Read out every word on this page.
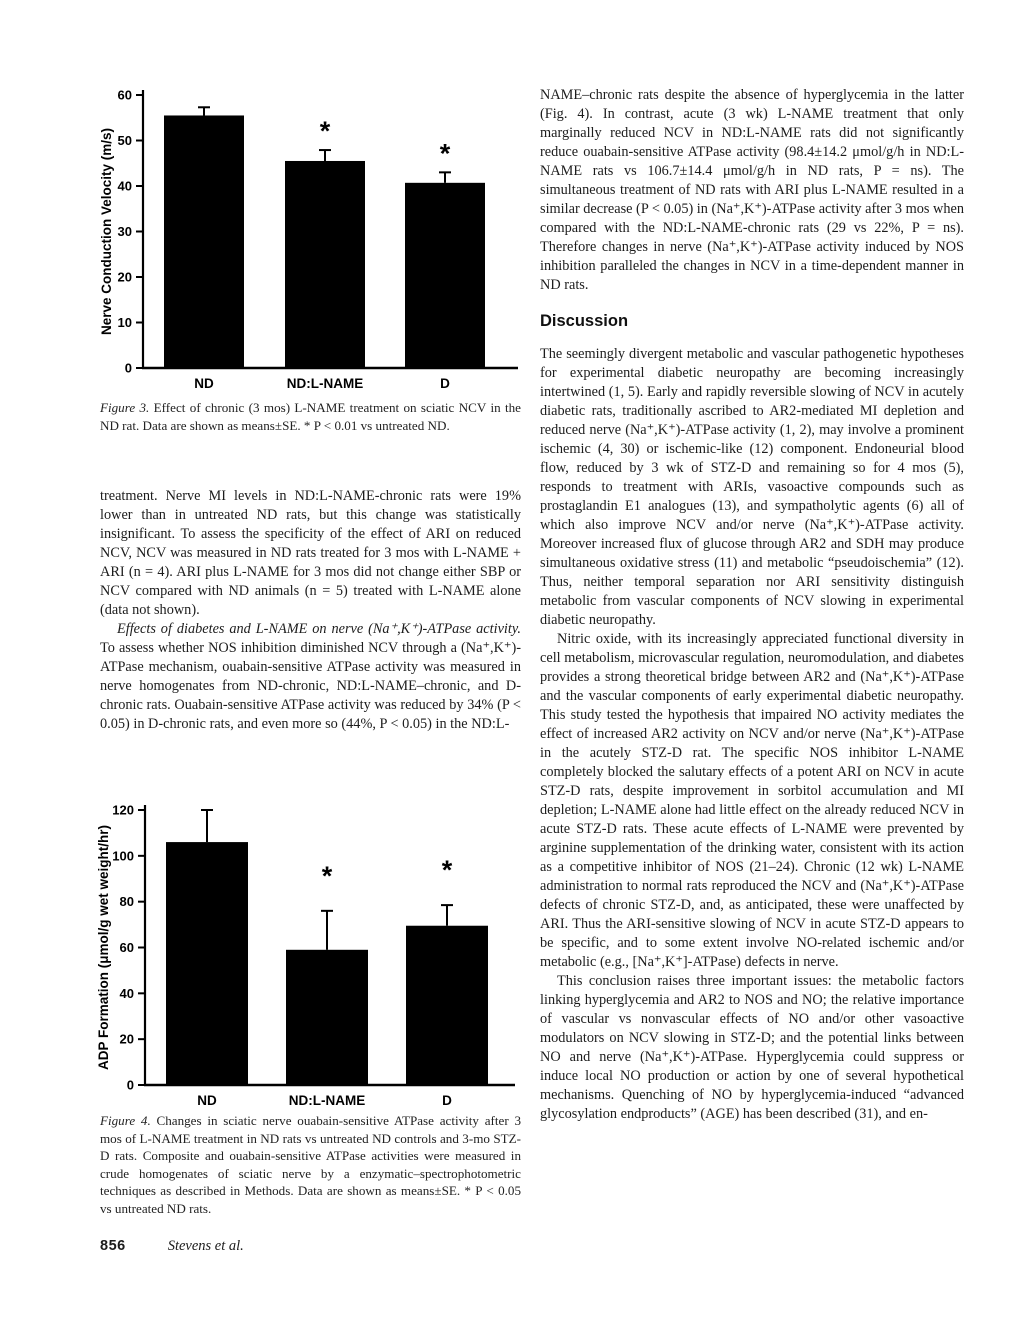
0
10
20
30
40
50
60
Nerve Conduction Velocity (m/s)
ND	ND:L-NAME
*
D
*

Figure 3. Effect of chronic (3 mos) L-NAME treatment on sciatic NCV in the ND rat. Data are shown as means±SE. * P < 0.01 vs untreated ND.

treatment. Nerve MI levels in ND:L-NAME-chronic rats were 19% lower than in untreated ND rats, but this change was statistically insignificant. To assess the specificity of the effect of ARI on reduced NCV, NCV was measured in ND rats treated for 3 mos with L-NAME + ARI (n = 4). ARI plus L-NAME for 3 mos did not change either SBP or NCV compared with ND animals (n = 5) treated with L-NAME alone (data not shown).

Effects of diabetes and L-NAME on nerve (Na⁺,K⁺)-ATPase activity. To assess whether NOS inhibition diminished NCV through a (Na⁺,K⁺)-ATPase mechanism, ouabain-sensitive ATPase activity was measured in nerve homogenates from ND-chronic, ND:L-NAME–chronic, and D-chronic rats. Ouabain-sensitive ATPase activity was reduced by 34% (P < 0.05) in D-chronic rats, and even more so (44%, P < 0.05) in the ND:L-

0
20
40
60
80
100
120
ADP Formation (μmol/g wet weight/hr)
ND	ND:L-NAME
*
D
*

Figure 4. Changes in sciatic nerve ouabain-sensitive ATPase activity after 3 mos of L-NAME treatment in ND rats vs untreated ND controls and 3-mo STZ-D rats. Composite and ouabain-sensitive ATPase activities were measured in crude homogenates of sciatic nerve by a enzymatic–spectrophotometric techniques as described in Methods. Data are shown as means±SE. * P < 0.05 vs untreated ND rats.

856	Stevens et al.

NAME–chronic rats despite the absence of hyperglycemia in the latter (Fig. 4). In contrast, acute (3 wk) L-NAME treatment that only marginally reduced NCV in ND:L-NAME rats did not significantly reduce ouabain-sensitive ATPase activity (98.4±14.2 μmol/g/h in ND:L-NAME rats vs 106.7±14.4 μmol/g/h in ND rats, P = ns). The simultaneous treatment of ND rats with ARI plus L-NAME resulted in a similar decrease (P < 0.05) in (Na⁺,K⁺)-ATPase activity after 3 mos when compared with the ND:L-NAME-chronic rats (29 vs 22%, P = ns). Therefore changes in nerve (Na⁺,K⁺)-ATPase activity induced by NOS inhibition paralleled the changes in NCV in a time-dependent manner in ND rats.

Discussion

The seemingly divergent metabolic and vascular pathogenetic hypotheses for experimental diabetic neuropathy are becoming increasingly intertwined (1, 5). Early and rapidly reversible slowing of NCV in acutely diabetic rats, traditionally ascribed to AR2-mediated MI depletion and reduced nerve (Na⁺,K⁺)-ATPase activity (1, 2), may involve a prominent ischemic (4, 30) or ischemic-like (12) component. Endoneurial blood flow, reduced by 3 wk of STZ-D and remaining so for 4 mos (5), responds to treatment with ARIs, vasoactive compounds such as prostaglandin E1 analogues (13), and sympatholytic agents (6) all of which also improve NCV and/or nerve (Na⁺,K⁺)-ATPase activity. Moreover increased flux of glucose through AR2 and SDH may produce simultaneous oxidative stress (11) and metabolic “pseudoischemia” (12). Thus, neither temporal separation nor ARI sensitivity distinguish metabolic from vascular components of NCV slowing in experimental diabetic neuropathy.

Nitric oxide, with its increasingly appreciated functional diversity in cell metabolism, microvascular regulation, neuromodulation, and diabetes provides a strong theoretical bridge between AR2 and (Na⁺,K⁺)-ATPase and the vascular components of early experimental diabetic neuropathy. This study tested the hypothesis that impaired NO activity mediates the effect of increased AR2 activity on NCV and/or nerve (Na⁺,K⁺)-ATPase in the acutely STZ-D rat. The specific NOS inhibitor L-NAME completely blocked the salutary effects of a potent ARI on NCV in acute STZ-D rats, despite improvement in sorbitol accumulation and MI depletion; L-NAME alone had little effect on the already reduced NCV in acute STZ-D rats. These acute effects of L-NAME were prevented by arginine supplementation of the drinking water, consistent with its action as a competitive inhibitor of NOS (21–24). Chronic (12 wk) L-NAME administration to normal rats reproduced the NCV and (Na⁺,K⁺)-ATPase defects of chronic STZ-D, and, as anticipated, these were unaffected by ARI. Thus the ARI-sensitive slowing of NCV in acute STZ-D appears to be specific, and to some extent involve NO-related ischemic and/or metabolic (e.g., [Na⁺,K⁺]-ATPase) defects in nerve.

This conclusion raises three important issues: the metabolic factors linking hyperglycemia and AR2 to NOS and NO; the relative importance of vascular vs nonvascular effects of NO and/or other vasoactive modulators on NCV slowing in STZ-D; and the potential links between NO and nerve (Na⁺,K⁺)-ATPase. Hyperglycemia could suppress or induce local NO production or action by one of several hypothetical mechanisms. Quenching of NO by hyperglycemia-induced “advanced glycosylation endproducts” (AGE) has been described (31), and en-
